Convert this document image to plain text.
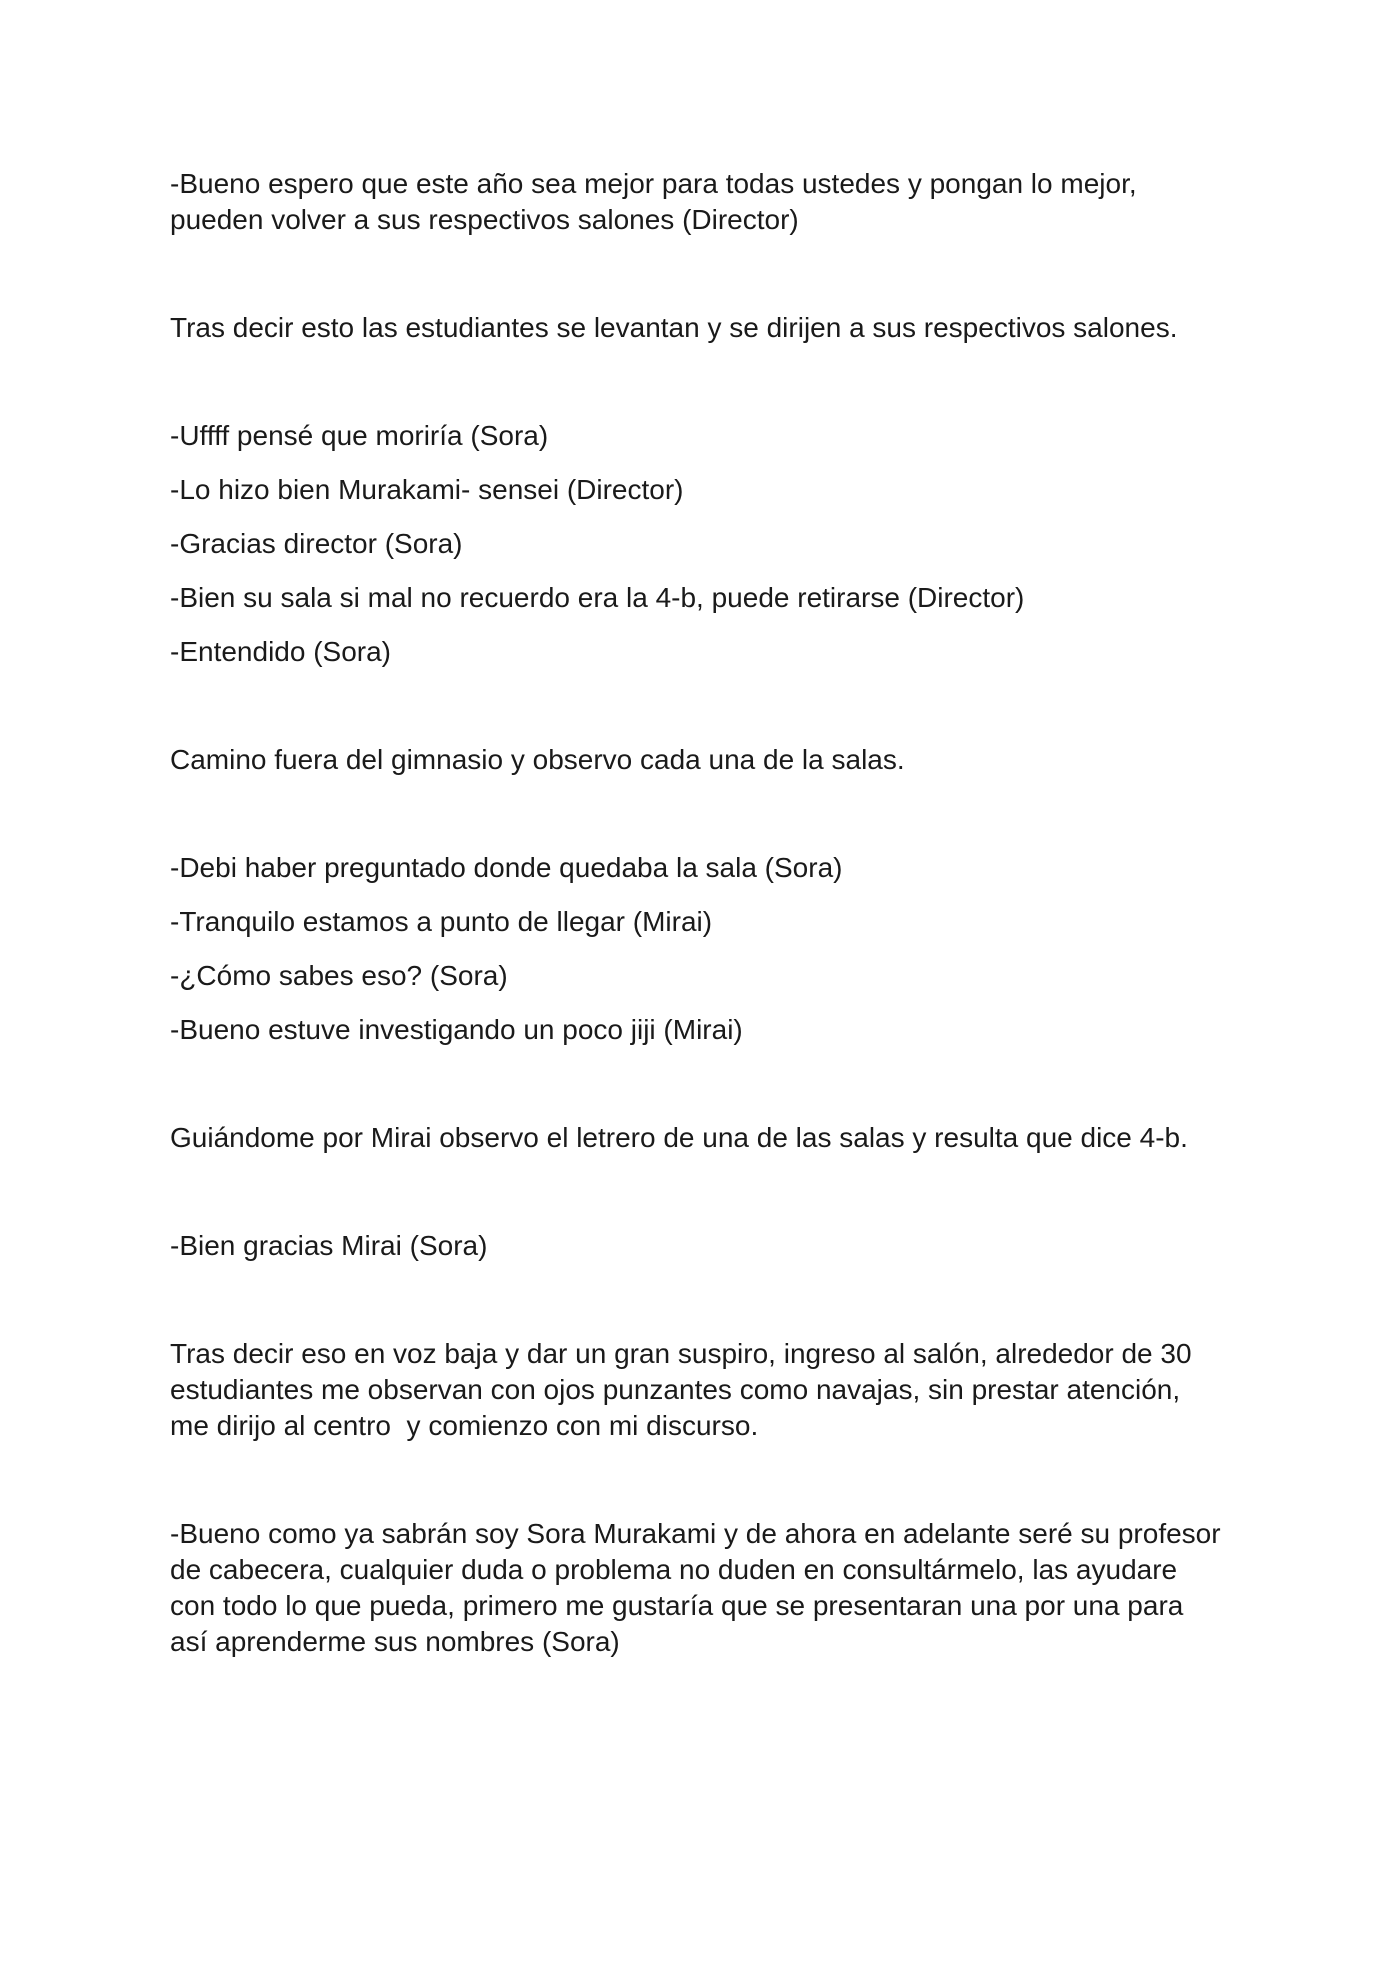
-Bueno espero que este año sea mejor para todas ustedes y pongan lo mejor,
pueden volver a sus respectivos salones (Director)

Tras decir esto las estudiantes se levantan y se dirijen a sus respectivos salones.

-Uffff pensé que moriría (Sora)

-Lo hizo bien Murakami- sensei (Director)

-Gracias director (Sora)

-Bien su sala si mal no recuerdo era la 4-b, puede retirarse (Director)

-Entendido (Sora)

Camino fuera del gimnasio y observo cada una de la salas.

-Debi haber preguntado donde quedaba la sala (Sora)

-Tranquilo estamos a punto de llegar (Mirai)

-¿Cómo sabes eso? (Sora)

-Bueno estuve investigando un poco jiji (Mirai)

Guiándome por Mirai observo el letrero de una de las salas y resulta que dice 4-b.

-Bien gracias Mirai (Sora)

Tras decir eso en voz baja y dar un gran suspiro, ingreso al salón, alrededor de 30
estudiantes me observan con ojos punzantes como navajas, sin prestar atención,
me dirijo al centro  y comienzo con mi discurso.

-Bueno como ya sabrán soy Sora Murakami y de ahora en adelante seré su profesor
de cabecera, cualquier duda o problema no duden en consultármelo, las ayudare
con todo lo que pueda, primero me gustaría que se presentaran una por una para
así aprenderme sus nombres (Sora)
